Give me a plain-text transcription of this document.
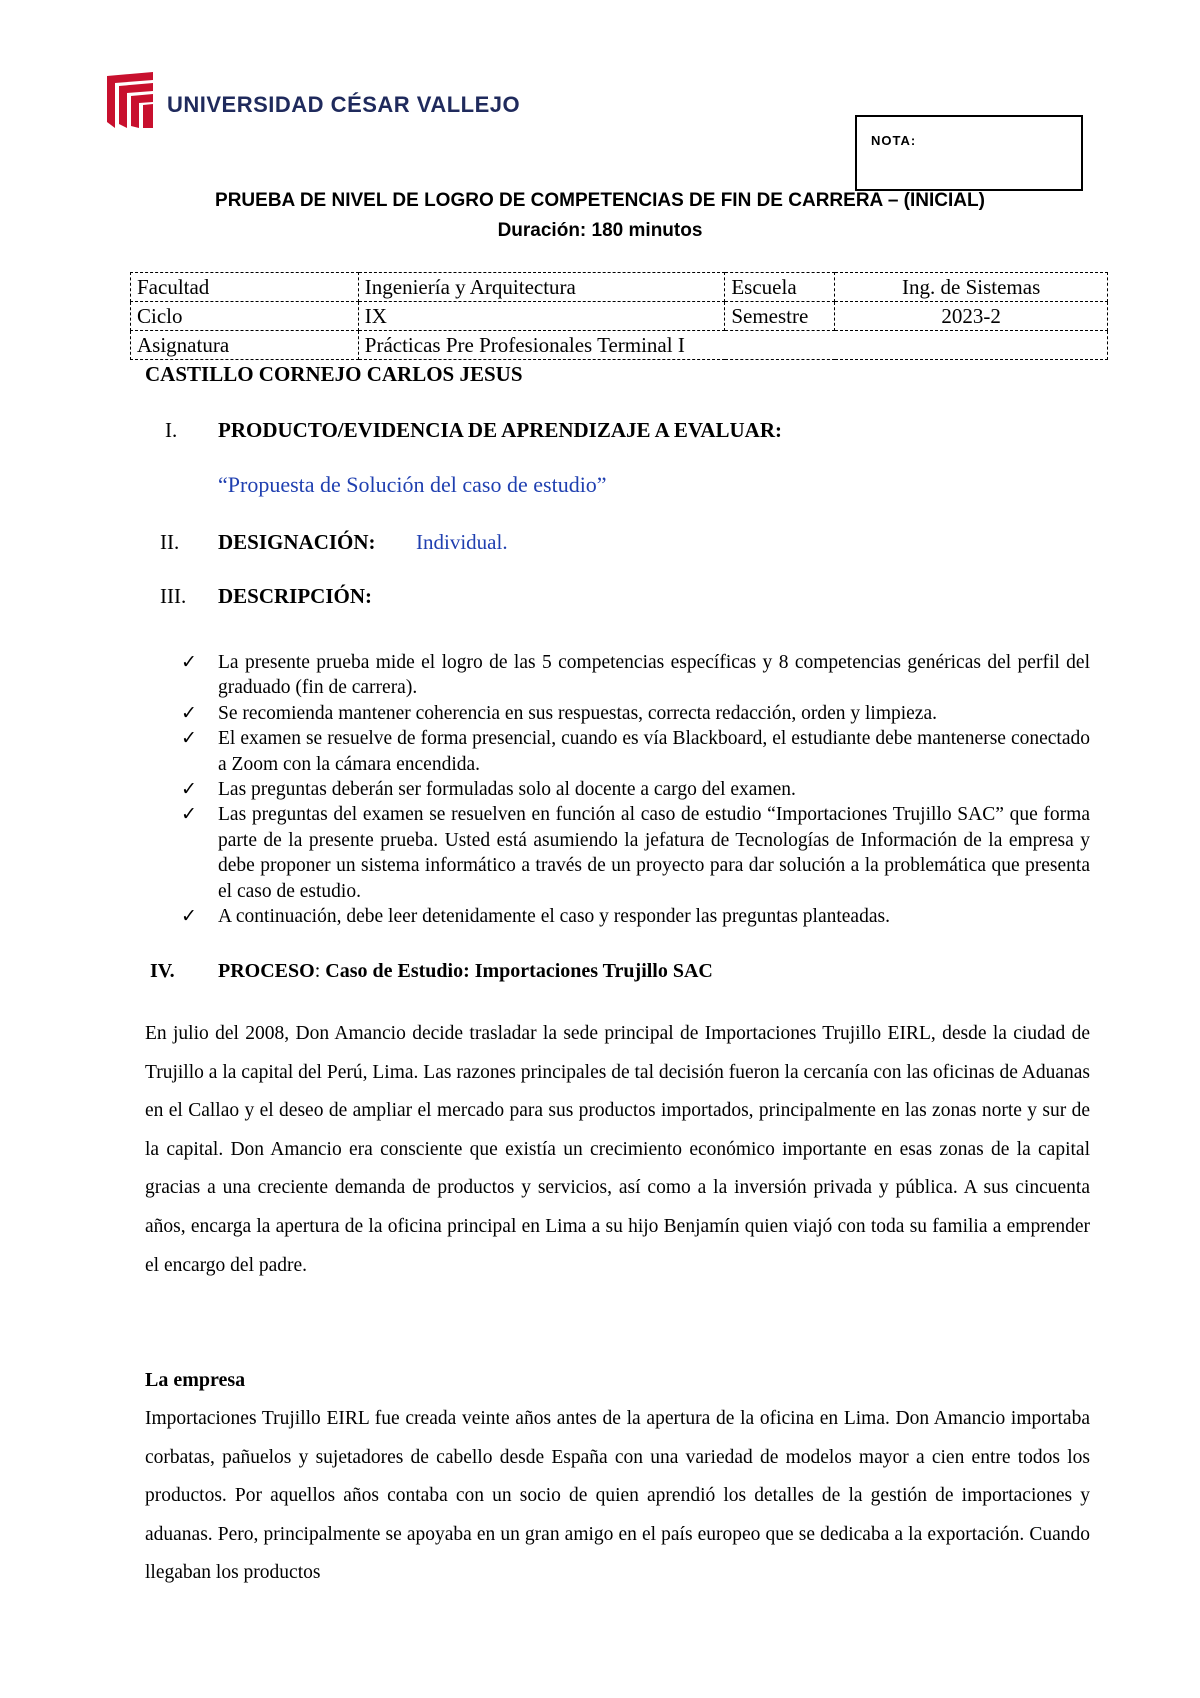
UNIVERSIDAD CÉSAR VALLEJO
NOTA:
PRUEBA DE NIVEL DE LOGRO DE COMPETENCIAS DE FIN DE CARRERA – (INICIAL)
Duración: 180 minutos
Facultad	Ingeniería y Arquitectura	Escuela	Ing. de Sistemas
Ciclo	IX	Semestre	2023-2
Asignatura	Prácticas Pre Profesionales Terminal I		
CASTILLO CORNEJO CARLOS JESUS
I. PRODUCTO/EVIDENCIA DE APRENDIZAJE A EVALUAR:
“Propuesta de Solución del caso de estudio”
II. DESIGNACIÓN: Individual.
III. DESCRIPCIÓN:
✓ La presente prueba mide el logro de las 5 competencias específicas y 8 competencias genéricas del perfil del graduado (fin de carrera).
✓ Se recomienda mantener coherencia en sus respuestas, correcta redacción, orden y limpieza.
✓ El examen se resuelve de forma presencial, cuando es vía Blackboard, el estudiante debe mantenerse conectado a Zoom con la cámara encendida.
✓ Las preguntas deberán ser formuladas solo al docente a cargo del examen.
✓ Las preguntas del examen se resuelven en función al caso de estudio “Importaciones Trujillo SAC” que forma parte de la presente prueba. Usted está asumiendo la jefatura de Tecnologías de Información de la empresa y debe proponer un sistema informático a través de un proyecto para dar solución a la problemática que presenta el caso de estudio.
✓ A continuación, debe leer detenidamente el caso y responder las preguntas planteadas.
IV. PROCESO: Caso de Estudio: Importaciones Trujillo SAC

En julio del 2008, Don Amancio decide trasladar la sede principal de Importaciones Trujillo EIRL, desde la ciudad de Trujillo a la capital del Perú, Lima. Las razones principales de tal decisión fueron la cercanía con las oficinas de Aduanas en el Callao y el deseo de ampliar el mercado para sus productos importados, principalmente en las zonas norte y sur de la capital. Don Amancio era consciente que existía un crecimiento económico importante en esas zonas de la capital gracias a una creciente demanda de productos y servicios, así como a la inversión privada y pública. A sus cincuenta años, encarga la apertura de la oficina principal en Lima a su hijo Benjamín quien viajó con toda su familia a emprender el encargo del padre.

La empresa

Importaciones Trujillo EIRL fue creada veinte años antes de la apertura de la oficina en Lima. Don Amancio importaba corbatas, pañuelos y sujetadores de cabello desde España con una variedad de modelos mayor a cien entre todos los productos. Por aquellos años contaba con un socio de quien aprendió los detalles de la gestión de importaciones y aduanas. Pero, principalmente se apoyaba en un gran amigo en el país europeo que se dedicaba a la exportación. Cuando llegaban los productos
